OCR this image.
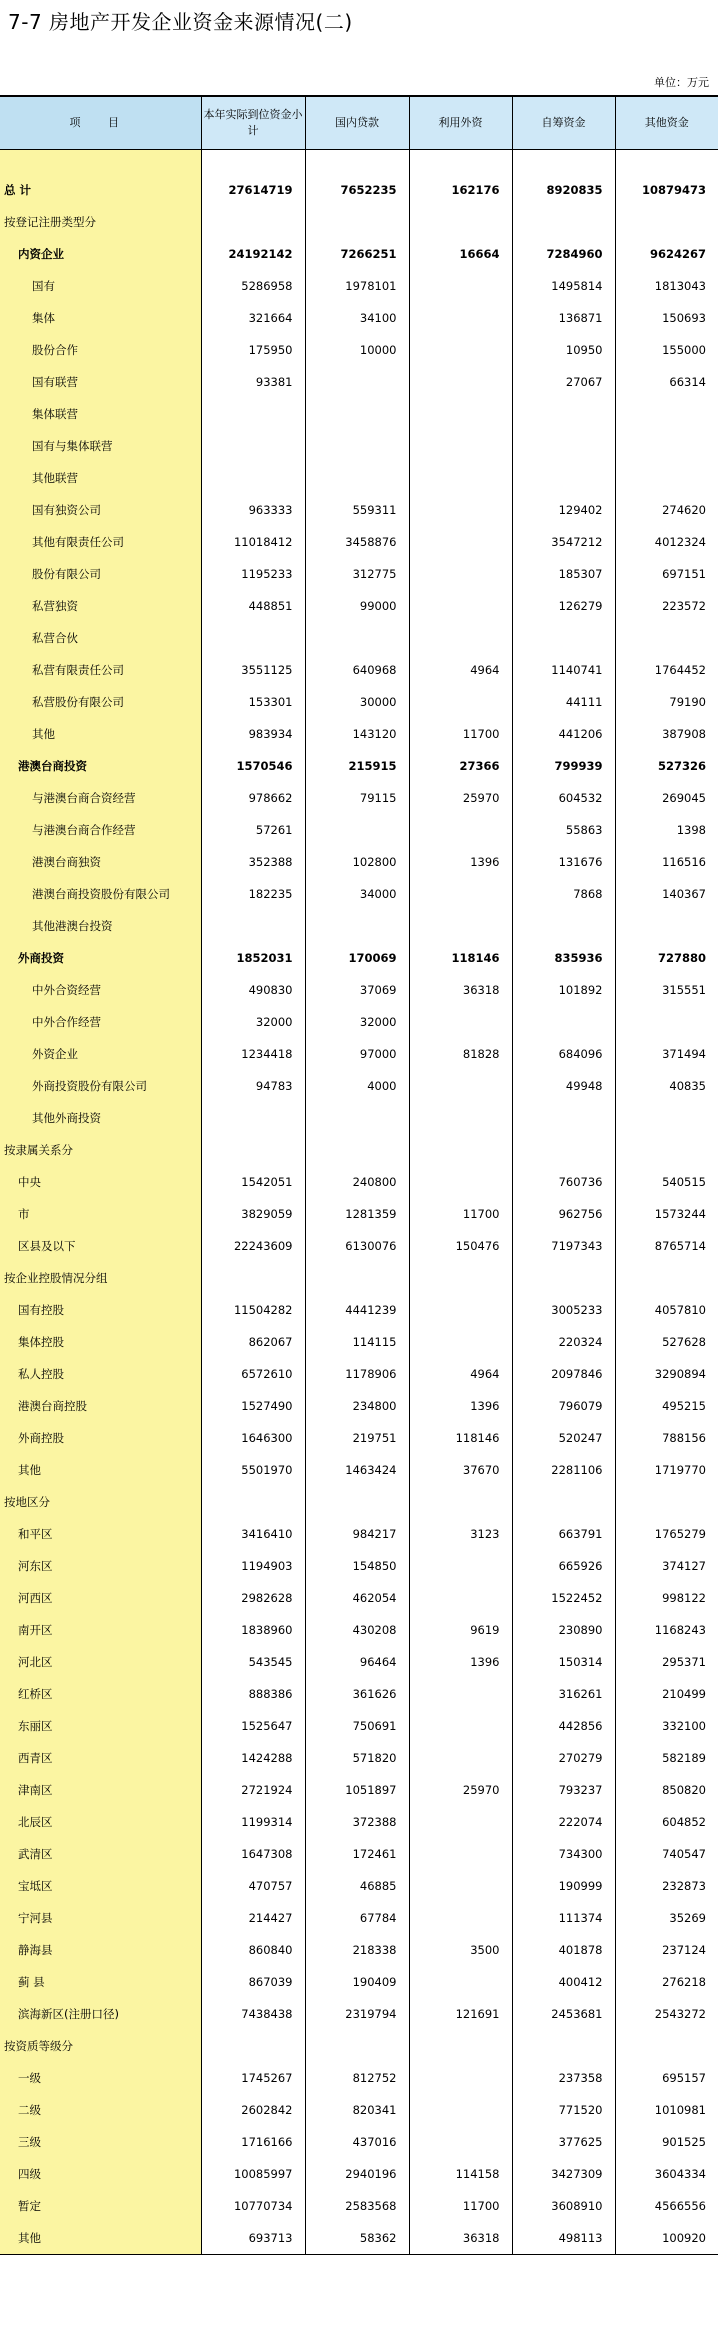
7-7 房地产开发企业资金来源情况(二)
单位：万元
项 目	本年实际到位资金小计	国内贷款	利用外资	自筹资金	其他资金

总 计	27614719	7652235	162176	8920835	10879473
按登记注册类型分					
内资企业	24192142	7266251	16664	7284960	9624267
国有	5286958	1978101		1495814	1813043
集体	321664	34100		136871	150693
股份合作	175950	10000		10950	155000
国有联营	93381			27067	66314
集体联营					
国有与集体联营					
其他联营					
国有独资公司	963333	559311		129402	274620
其他有限责任公司	11018412	3458876		3547212	4012324
股份有限公司	1195233	312775		185307	697151
私营独资	448851	99000		126279	223572
私营合伙					
私营有限责任公司	3551125	640968	4964	1140741	1764452
私营股份有限公司	153301	30000		44111	79190
其他	983934	143120	11700	441206	387908
港澳台商投资	1570546	215915	27366	799939	527326
与港澳台商合资经营	978662	79115	25970	604532	269045
与港澳台商合作经营	57261			55863	1398
港澳台商独资	352388	102800	1396	131676	116516
港澳台商投资股份有限公司	182235	34000		7868	140367
其他港澳台投资					
外商投资	1852031	170069	118146	835936	727880
中外合资经营	490830	37069	36318	101892	315551
中外合作经营	32000	32000			
外资企业	1234418	97000	81828	684096	371494
外商投资股份有限公司	94783	4000		49948	40835
其他外商投资					
按隶属关系分					
中央	1542051	240800		760736	540515
市	3829059	1281359	11700	962756	1573244
区县及以下	22243609	6130076	150476	7197343	8765714
按企业控股情况分组					
国有控股	11504282	4441239		3005233	4057810
集体控股	862067	114115		220324	527628
私人控股	6572610	1178906	4964	2097846	3290894
港澳台商控股	1527490	234800	1396	796079	495215
外商控股	1646300	219751	118146	520247	788156
其他	5501970	1463424	37670	2281106	1719770
按地区分					
和平区	3416410	984217	3123	663791	1765279
河东区	1194903	154850		665926	374127
河西区	2982628	462054		1522452	998122
南开区	1838960	430208	9619	230890	1168243
河北区	543545	96464	1396	150314	295371
红桥区	888386	361626		316261	210499
东丽区	1525647	750691		442856	332100
西青区	1424288	571820		270279	582189
津南区	2721924	1051897	25970	793237	850820
北辰区	1199314	372388		222074	604852
武清区	1647308	172461		734300	740547
宝坻区	470757	46885		190999	232873
宁河县	214427	67784		111374	35269
静海县	860840	218338	3500	401878	237124
蓟 县	867039	190409		400412	276218
滨海新区(注册口径)	7438438	2319794	121691	2453681	2543272
按资质等级分					
一级	1745267	812752		237358	695157
二级	2602842	820341		771520	1010981
三级	1716166	437016		377625	901525
四级	10085997	2940196	114158	3427309	3604334
暂定	10770734	2583568	11700	3608910	4566556
其他	693713	58362	36318	498113	100920
